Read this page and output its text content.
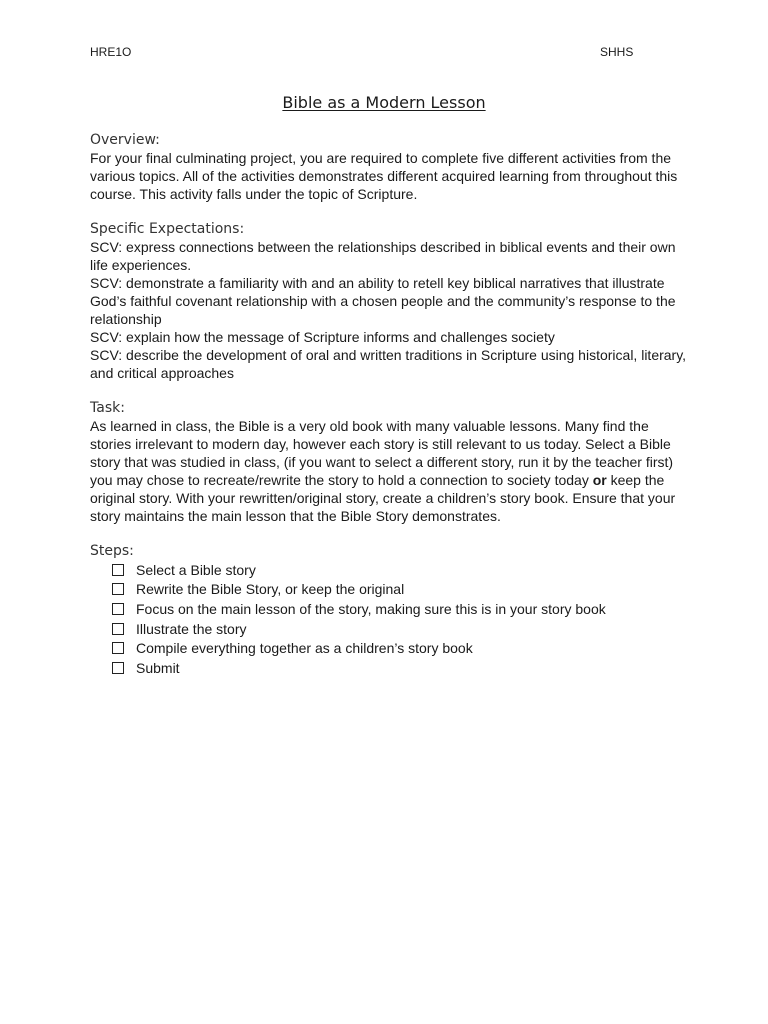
HRE1O	SHHS
Bible as a Modern Lesson
Overview:

For your final culminating project, you are required to complete five different activities from the various topics. All of the activities demonstrates different acquired learning from throughout this course. This activity falls under the topic of Scripture.

Specific Expectations:

SCV: express connections between the relationships described in biblical events and their own life experiences.

SCV: demonstrate a familiarity with and an ability to retell key biblical narratives that illustrate God’s faithful covenant relationship with a chosen people and the community’s response to the relationship

SCV: explain how the message of Scripture informs and challenges society

SCV: describe the development of oral and written traditions in Scripture using historical, literary, and critical approaches

Task:

As learned in class, the Bible is a very old book with many valuable lessons. Many find the stories irrelevant to modern day, however each story is still relevant to us today. Select a Bible story that was studied in class, (if you want to select a different story, run it by the teacher first) you may chose to recreate/rewrite the story to hold a connection to society today or keep the original story. With your rewritten/original story, create a children’s story book. Ensure that your story maintains the main lesson that the Bible Story demonstrates.

Steps:
Select a Bible story
Rewrite the Bible Story, or keep the original
Focus on the main lesson of the story, making sure this is in your story book
Illustrate the story
Compile everything together as a children’s story book
Submit
